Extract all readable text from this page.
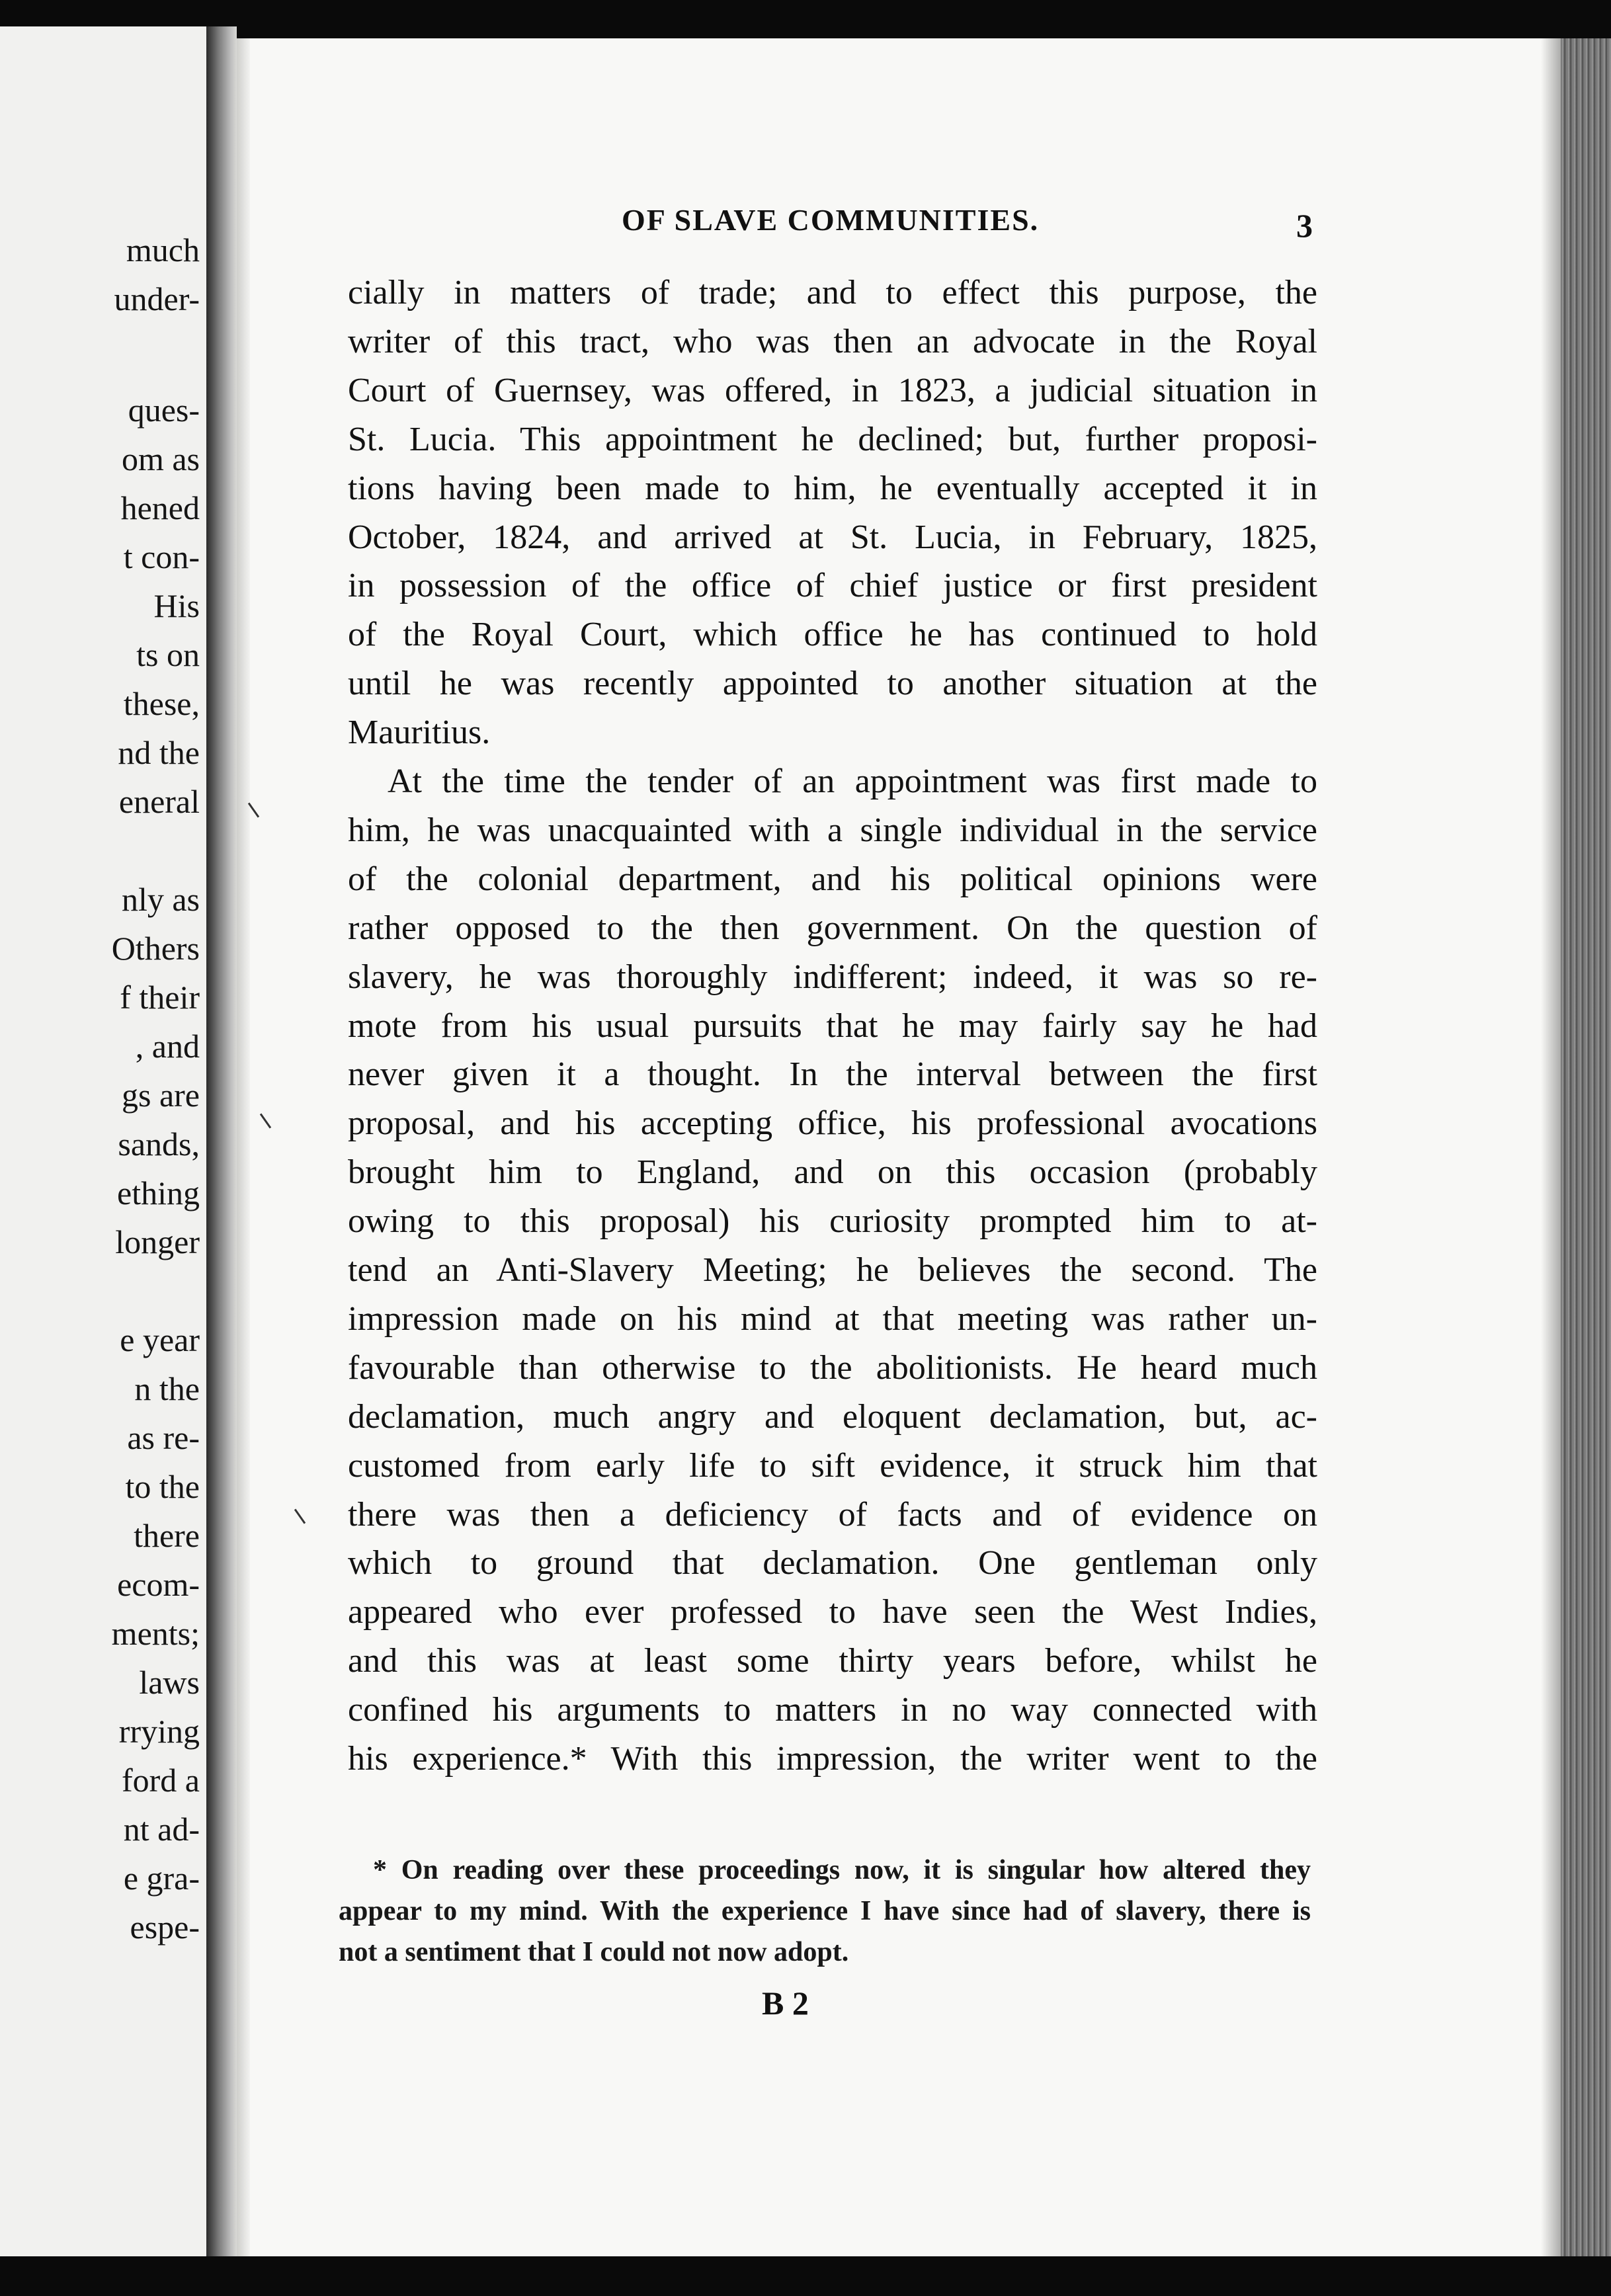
much
under-
ques-
om as
hened
t con-
His
ts on
these,
nd the
eneral
nly as
Others
f their
, and
gs are
sands,
ething
longer
e year
n the
as re-
to the
there
ecom-
ments;
laws
rrying
ford a
nt ad-
e gra-
espe-
OF SLAVE COMMUNITIES.	3
cially in matters of trade; and to effect this purpose, the
writer of this tract, who was then an advocate in the Royal
Court of Guernsey, was offered, in 1823, a judicial situation in
St. Lucia. This appointment he declined; but, further proposi-
tions having been made to him, he eventually accepted it in
October, 1824, and arrived at St. Lucia, in February, 1825,
in possession of the office of chief justice or first president
of the Royal Court, which office he has continued to hold
until he was recently appointed to another situation at the
Mauritius.
At the time the tender of an appointment was first made to
him, he was unacquainted with a single individual in the service
of the colonial department, and his political opinions were
rather opposed to the then government. On the question of
slavery, he was thoroughly indifferent; indeed, it was so re-
mote from his usual pursuits that he may fairly say he had
never given it a thought. In the interval between the first
proposal, and his accepting office, his professional avocations
brought him to England, and on this occasion (probably
owing to this proposal) his curiosity prompted him to at-
tend an Anti-Slavery Meeting; he believes the second. The
impression made on his mind at that meeting was rather un-
favourable than otherwise to the abolitionists. He heard much
declamation, much angry and eloquent declamation, but, ac-
customed from early life to sift evidence, it struck him that
there was then a deficiency of facts and of evidence on
which to ground that declamation. One gentleman only
appeared who ever professed to have seen the West Indies,
and this was at least some thirty years before, whilst he
confined his arguments to matters in no way connected with
his experience.* With this impression, the writer went to the
* On reading over these proceedings now, it is singular how altered they
appear to my mind. With the experience I have since had of slavery, there is
not a sentiment that I could not now adopt.
B 2
